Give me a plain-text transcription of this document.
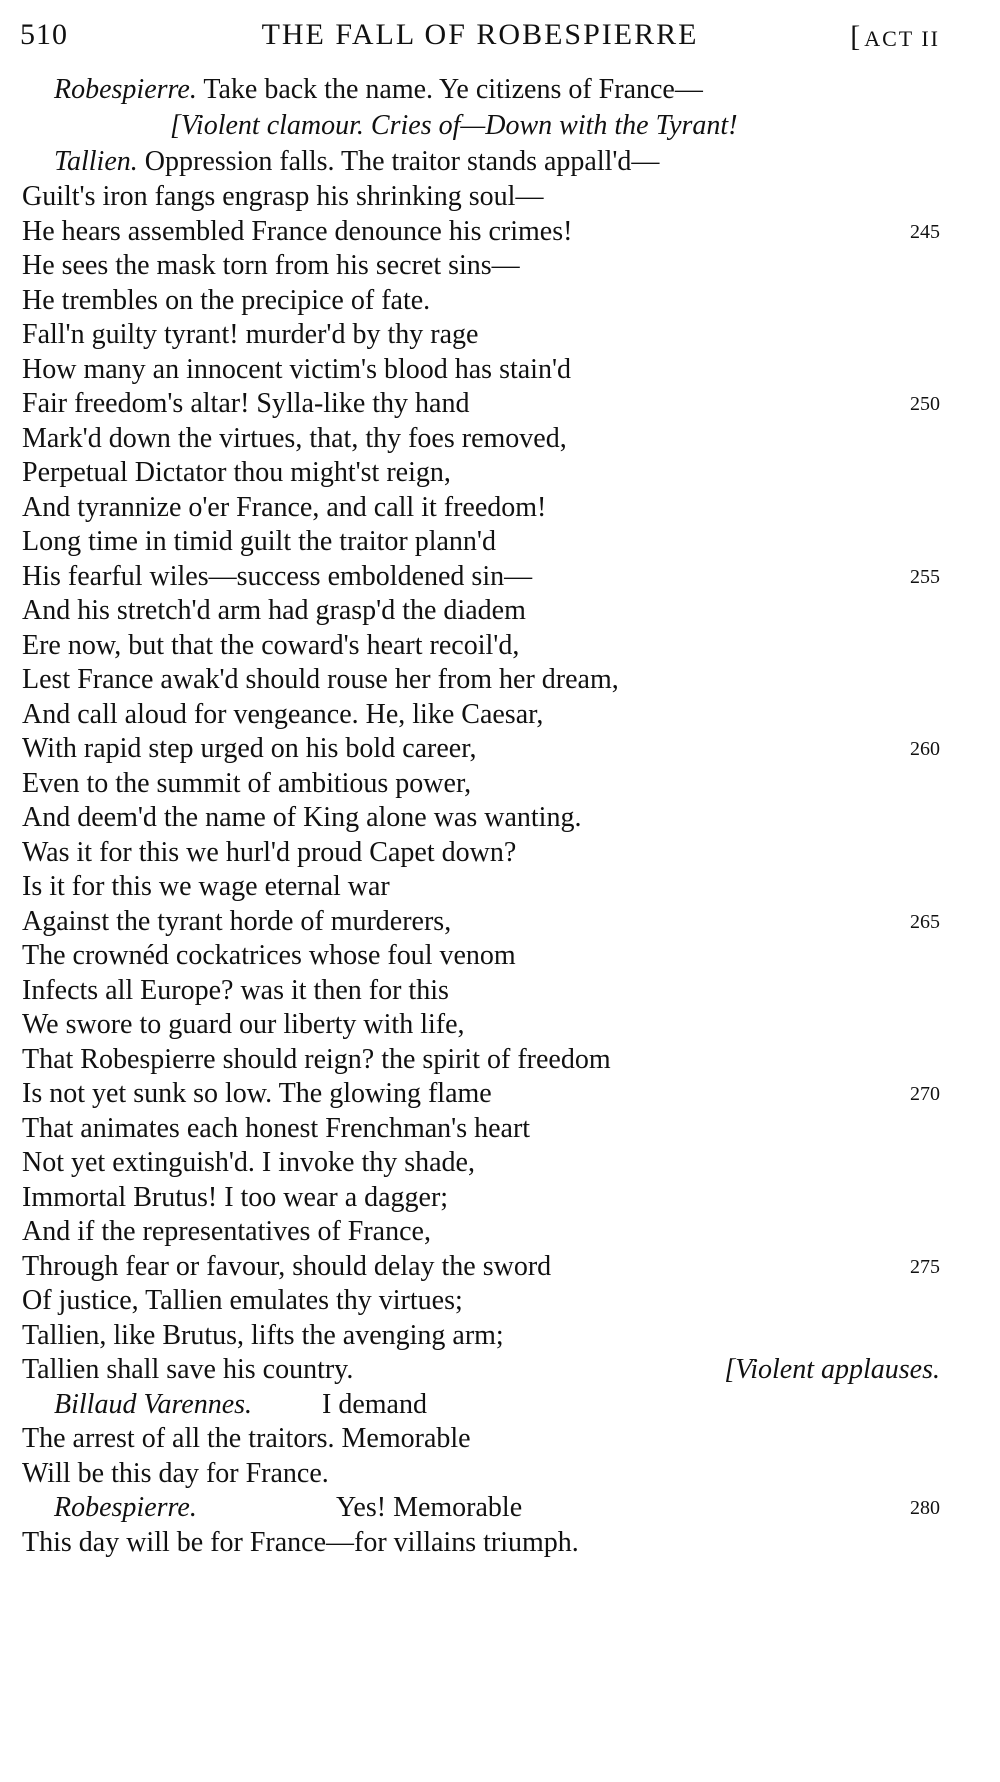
510	THE FALL OF ROBESPIERRE	[ACT II
Robespierre. Take back the name. Ye citizens of France—
[Violent clamour. Cries of—Down with the Tyrant!
Tallien. Oppression falls. The traitor stands appall'd—
Guilt's iron fangs engrasp his shrinking soul—
He hears assembled France denounce his crimes!	245
He sees the mask torn from his secret sins—
He trembles on the precipice of fate.
Fall'n guilty tyrant! murder'd by thy rage
How many an innocent victim's blood has stain'd
Fair freedom's altar! Sylla-like thy hand	250
Mark'd down the virtues, that, thy foes removed,
Perpetual Dictator thou might'st reign,
And tyrannize o'er France, and call it freedom!
Long time in timid guilt the traitor plann'd
His fearful wiles—success emboldened sin—	255
And his stretch'd arm had grasp'd the diadem
Ere now, but that the coward's heart recoil'd,
Lest France awak'd should rouse her from her dream,
And call aloud for vengeance. He, like Caesar,
With rapid step urged on his bold career,	260
Even to the summit of ambitious power,
And deem'd the name of King alone was wanting.
Was it for this we hurl'd proud Capet down?
Is it for this we wage eternal war
Against the tyrant horde of murderers,	265
The crownéd cockatrices whose foul venom
Infects all Europe? was it then for this
We swore to guard our liberty with life,
That Robespierre should reign? the spirit of freedom
Is not yet sunk so low. The glowing flame	270
That animates each honest Frenchman's heart
Not yet extinguish'd. I invoke thy shade,
Immortal Brutus! I too wear a dagger;
And if the representatives of France,
Through fear or favour, should delay the sword	275
Of justice, Tallien emulates thy virtues;
Tallien, like Brutus, lifts the avenging arm;
Tallien shall save his country.	[Violent applauses.
Billaud Varennes. I demand
The arrest of all the traitors. Memorable
Will be this day for France.
Robespierre.	Yes! Memorable	280
This day will be for France—for villains triumph.
